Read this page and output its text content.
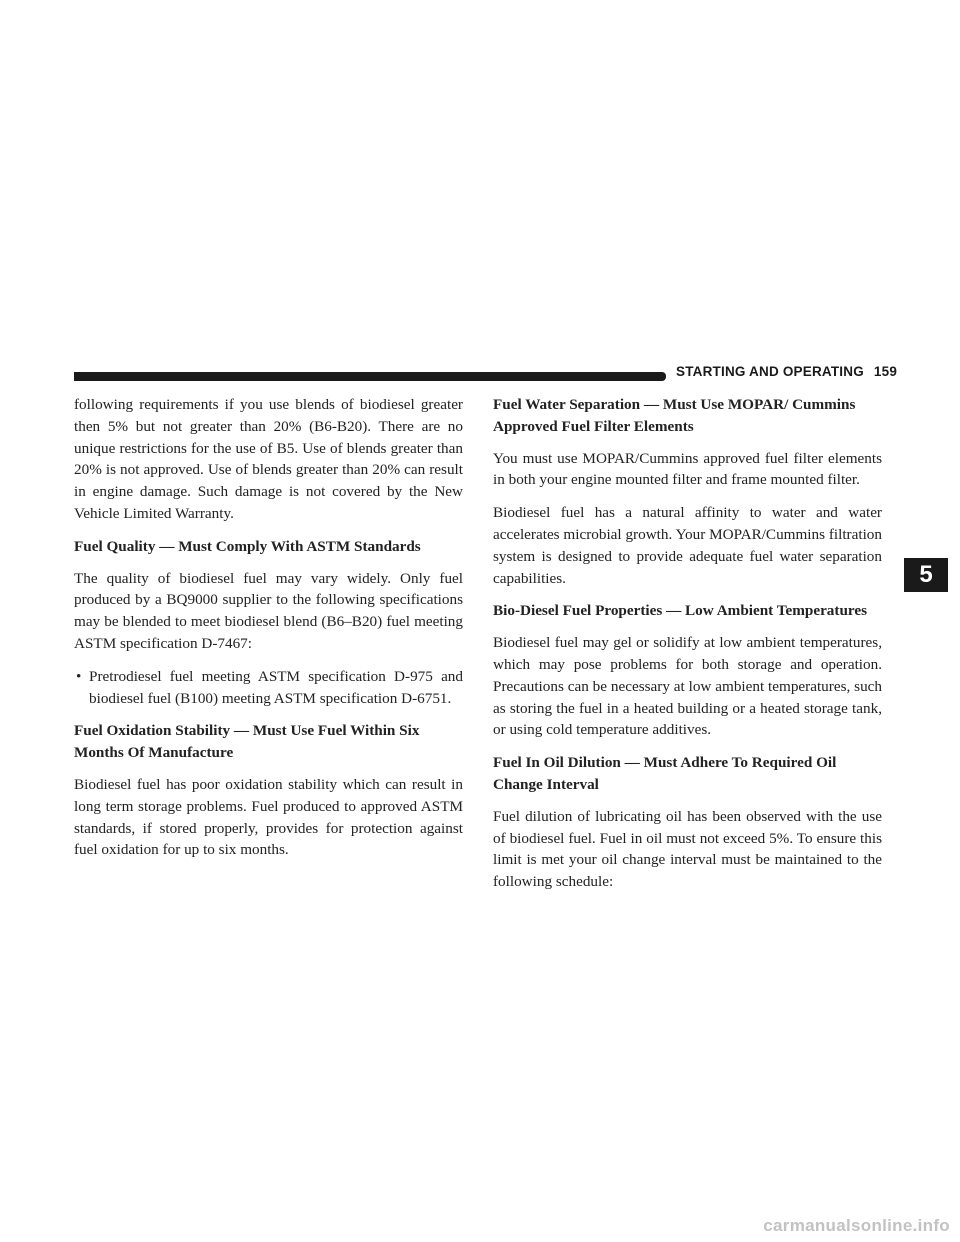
STARTING AND OPERATING 159

following requirements if you use blends of biodiesel greater then 5% but not greater than 20% (B6-B20). There are no unique restrictions for the use of B5. Use of blends greater than 20% is not approved. Use of blends greater than 20% can result in engine damage. Such damage is not covered by the New Vehicle Limited Warranty.

Fuel Quality — Must Comply With ASTM Standards

The quality of biodiesel fuel may vary widely. Only fuel produced by a BQ9000 supplier to the following specifications may be blended to meet biodiesel blend (B6–B20) fuel meeting ASTM specification D-7467:

• Pretrodiesel fuel meeting ASTM specification D-975 and biodiesel fuel (B100) meeting ASTM specification D-6751.
Fuel Oxidation Stability — Must Use Fuel Within Six Months Of Manufacture

Biodiesel fuel has poor oxidation stability which can result in long term storage problems. Fuel produced to approved ASTM standards, if stored properly, provides for protection against fuel oxidation for up to six months.

Fuel Water Separation — Must Use MOPAR/ Cummins Approved Fuel Filter Elements

You must use MOPAR/Cummins approved fuel filter elements in both your engine mounted filter and frame mounted filter.

Biodiesel fuel has a natural affinity to water and water accelerates microbial growth. Your MOPAR/Cummins filtration system is designed to provide adequate fuel water separation capabilities.

Bio-Diesel Fuel Properties — Low Ambient Temperatures

Biodiesel fuel may gel or solidify at low ambient temperatures, which may pose problems for both storage and operation. Precautions can be necessary at low ambient temperatures, such as storing the fuel in a heated building or a heated storage tank, or using cold temperature additives.

Fuel In Oil Dilution — Must Adhere To Required Oil Change Interval

Fuel dilution of lubricating oil has been observed with the use of biodiesel fuel. Fuel in oil must not exceed 5%. To ensure this limit is met your oil change interval must be maintained to the following schedule:

5
carmanualsonline.info
